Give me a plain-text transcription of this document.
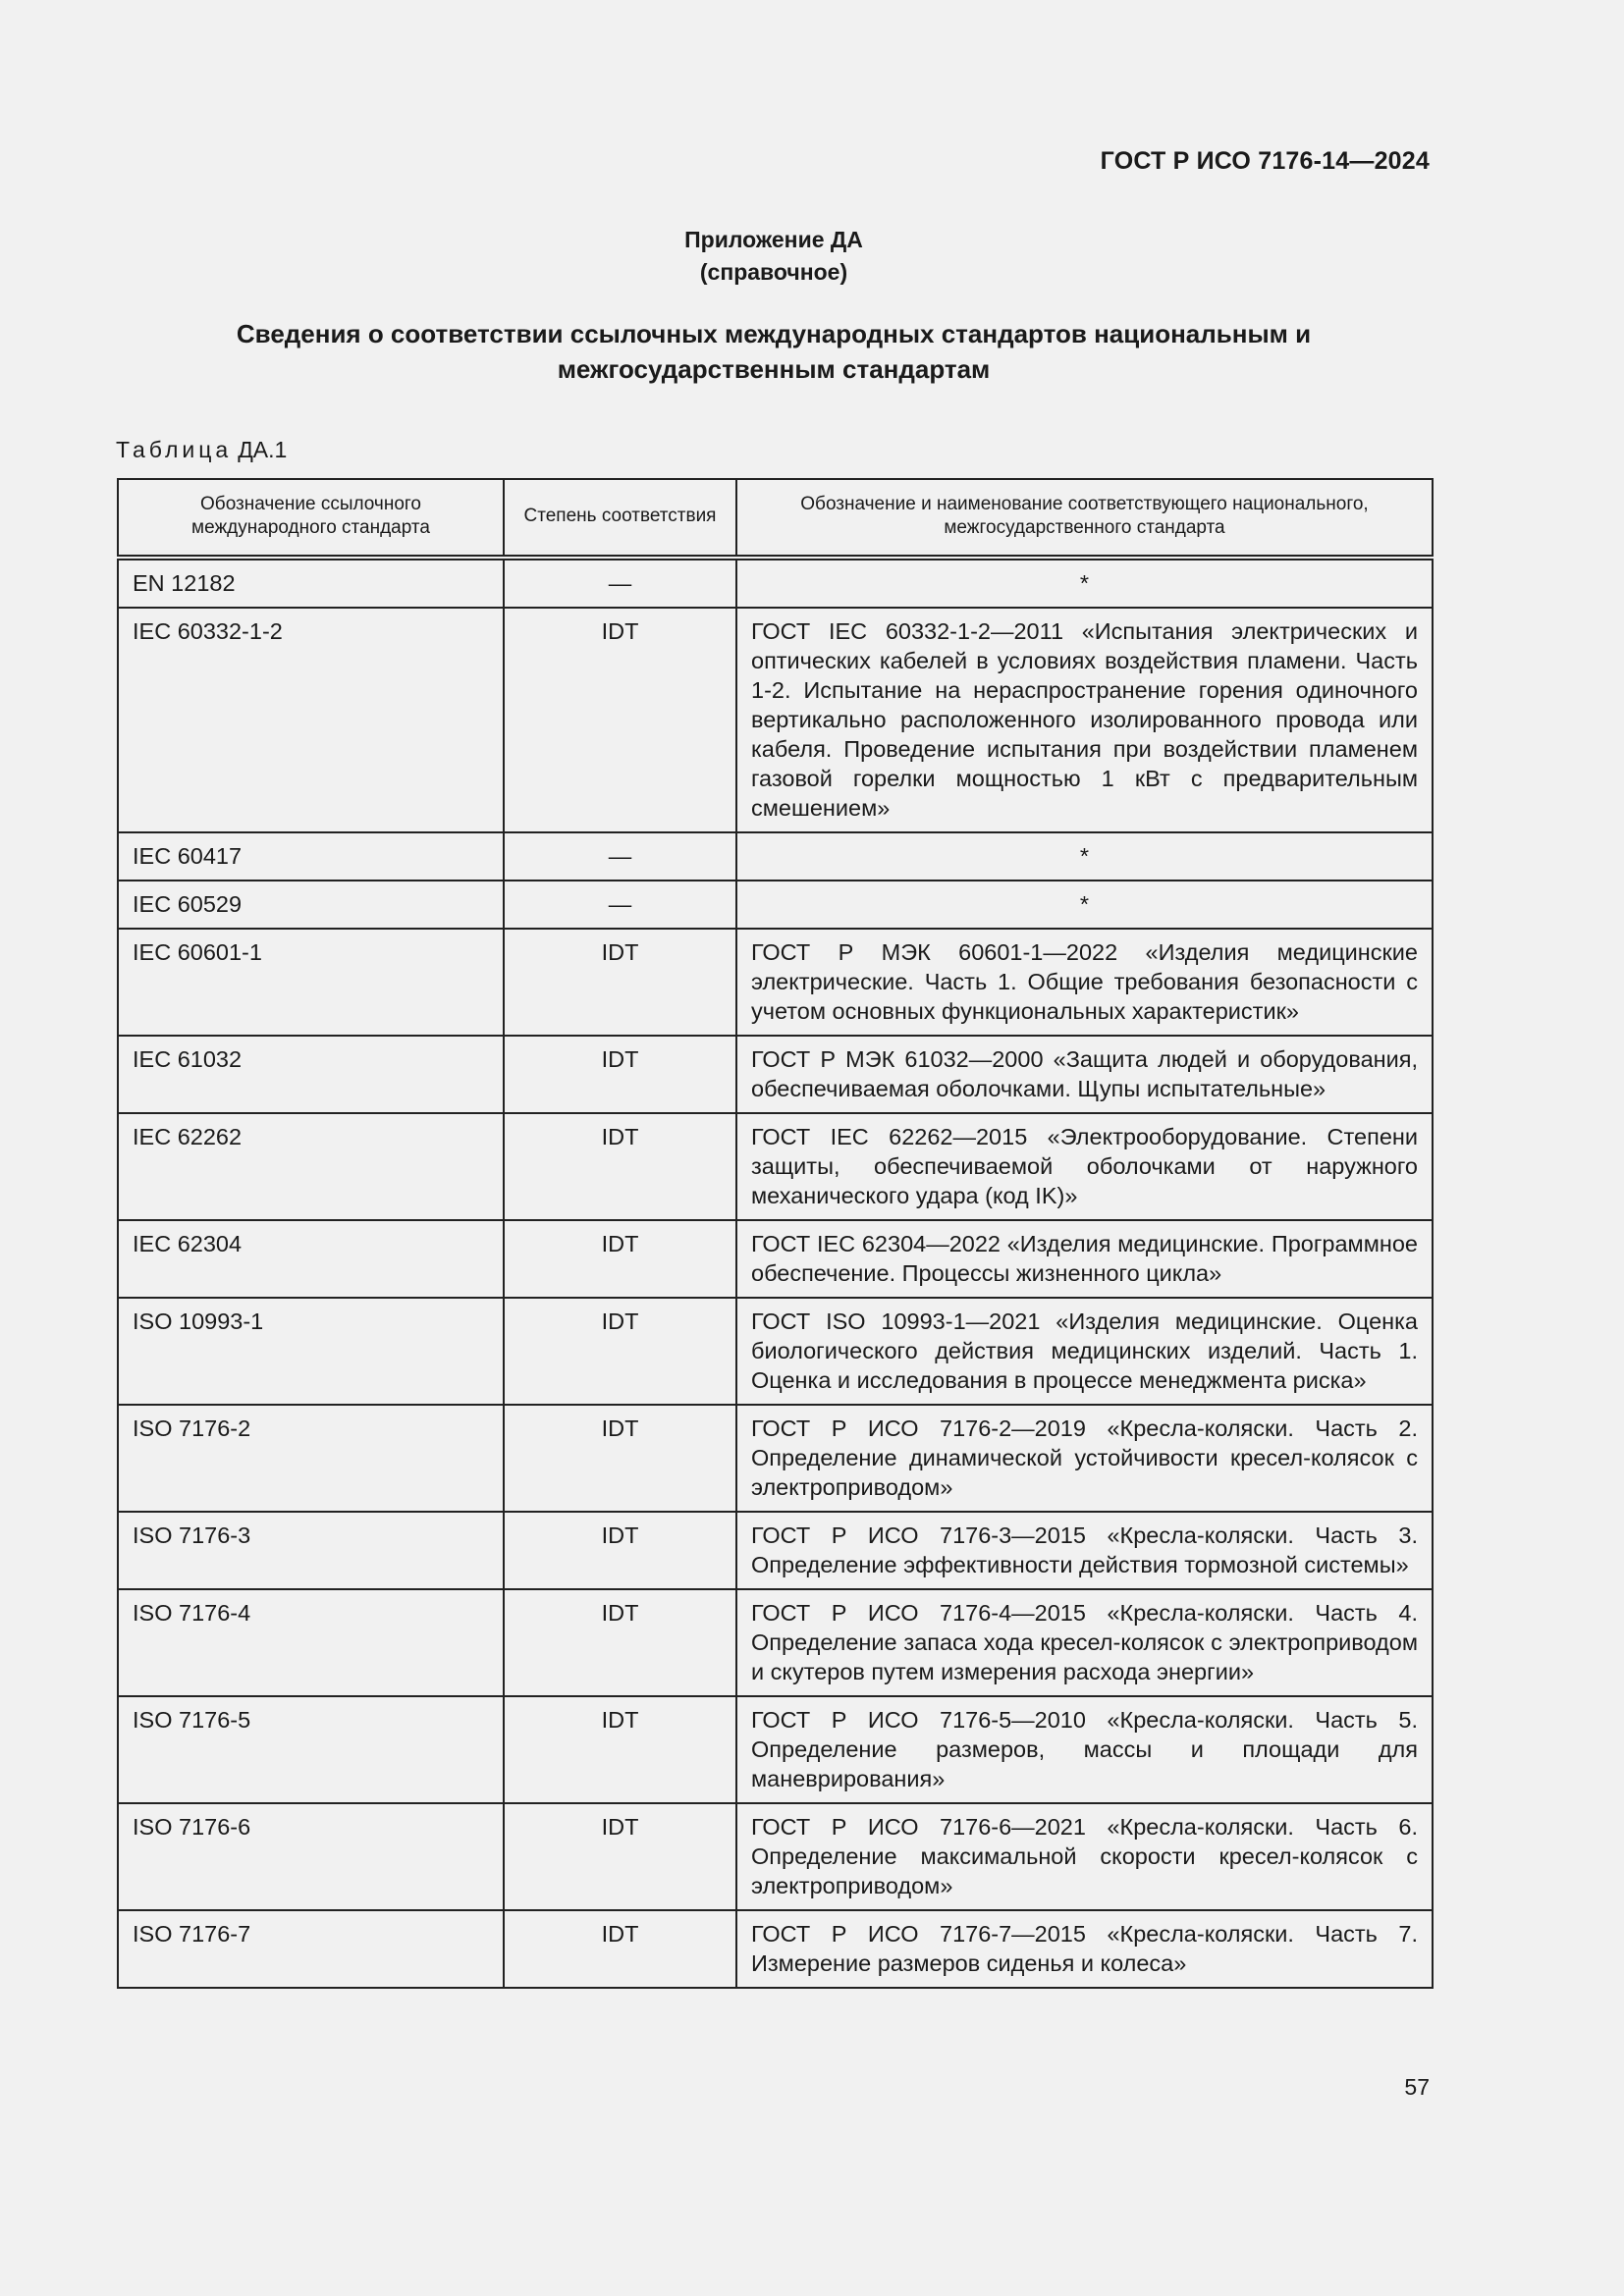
ГОСТ Р ИСО 7176-14—2024
Приложение ДА
(справочное)
Сведения о соответствии ссылочных международных стандартов национальным и межгосударственным стандартам
Таблица ДА.1
Обозначение ссылочного международного стандарта	Степень соответствия	Обозначение и наименование соответствующего национального, межгосударственного стандарта
EN 12182	—	*
IEC 60332-1-2	IDT	ГОСТ IEC 60332-1-2—2011 «Испытания электрических и оптических кабелей в условиях воздействия пламени. Часть 1-2. Испытание на нераспространение горения одиночного вертикально расположенного изолированного провода или кабеля. Проведение испытания при воздействии пламенем газовой горелки мощностью 1 кВт с предварительным смешением»
IEC 60417	—	*
IEC 60529	—	*
IEC 60601-1	IDT	ГОСТ Р МЭК 60601-1—2022 «Изделия медицинские электрические. Часть 1. Общие требования безопасности с учетом основных функциональных характеристик»
IEC 61032	IDT	ГОСТ Р МЭК 61032—2000 «Защита людей и оборудования, обеспечиваемая оболочками. Щупы испытательные»
IEC 62262	IDT	ГОСТ IEC 62262—2015 «Электрооборудование. Степени защиты, обеспечиваемой оболочками от наружного механического удара (код IK)»
IEC 62304	IDT	ГОСТ IEC 62304—2022 «Изделия медицинские. Программное обеспечение. Процессы жизненного цикла»
ISO 10993-1	IDT	ГОСТ ISO 10993-1—2021 «Изделия медицинские. Оценка биологического действия медицинских изделий. Часть 1. Оценка и исследования в процессе менеджмента риска»
ISO 7176-2	IDT	ГОСТ Р ИСО 7176-2—2019 «Кресла-коляски. Часть 2. Определение динамической устойчивости кресел-колясок с электроприводом»
ISO 7176-3	IDT	ГОСТ Р ИСО 7176-3—2015 «Кресла-коляски. Часть 3. Определение эффективности действия тормозной системы»
ISO 7176-4	IDT	ГОСТ Р ИСО 7176-4—2015 «Кресла-коляски. Часть 4. Определение запаса хода кресел-колясок с электроприводом и скутеров путем измерения расхода энергии»
ISO 7176-5	IDT	ГОСТ Р ИСО 7176-5—2010 «Кресла-коляски. Часть 5. Определение размеров, массы и площади для маневрирования»
ISO 7176-6	IDT	ГОСТ Р ИСО 7176-6—2021 «Кресла-коляски. Часть 6. Определение максимальной скорости кресел-колясок с электроприводом»
ISO 7176-7	IDT	ГОСТ Р ИСО 7176-7—2015 «Кресла-коляски. Часть 7. Измерение размеров сиденья и колеса»
57
